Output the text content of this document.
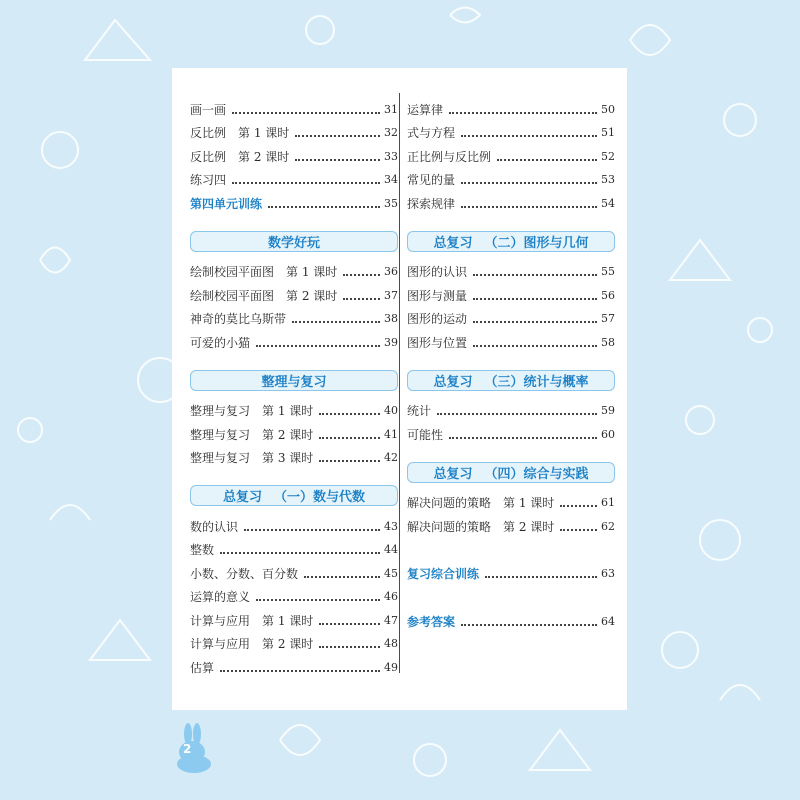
画一画	31
反比例 第 1 课时	32
反比例 第 2 课时	33
练习四	34
第四单元训练	35
数学好玩
绘制校园平面图 第 1 课时	36
绘制校园平面图 第 2 课时	37
神奇的莫比乌斯带	38
可爱的小猫	39
整理与复习
整理与复习 第 1 课时	40
整理与复习 第 2 课时	41
整理与复习 第 3 课时	42
总复习 （一）数与代数
数的认识	43
整数	44
小数、分数、百分数	45
运算的意义	46
计算与应用 第 1 课时	47
计算与应用 第 2 课时	48
估算	49
运算律	50
式与方程	51
正比例与反比例	52
常见的量	53
探索规律	54
总复习 （二）图形与几何
图形的认识	55
图形与测量	56
图形的运动	57
图形与位置	58
总复习 （三）统计与概率
统计	59
可能性	60
总复习 （四）综合与实践
解决问题的策略 第 1 课时	61
解决问题的策略 第 2 课时	62
复习综合训练	63
参考答案	64
2
